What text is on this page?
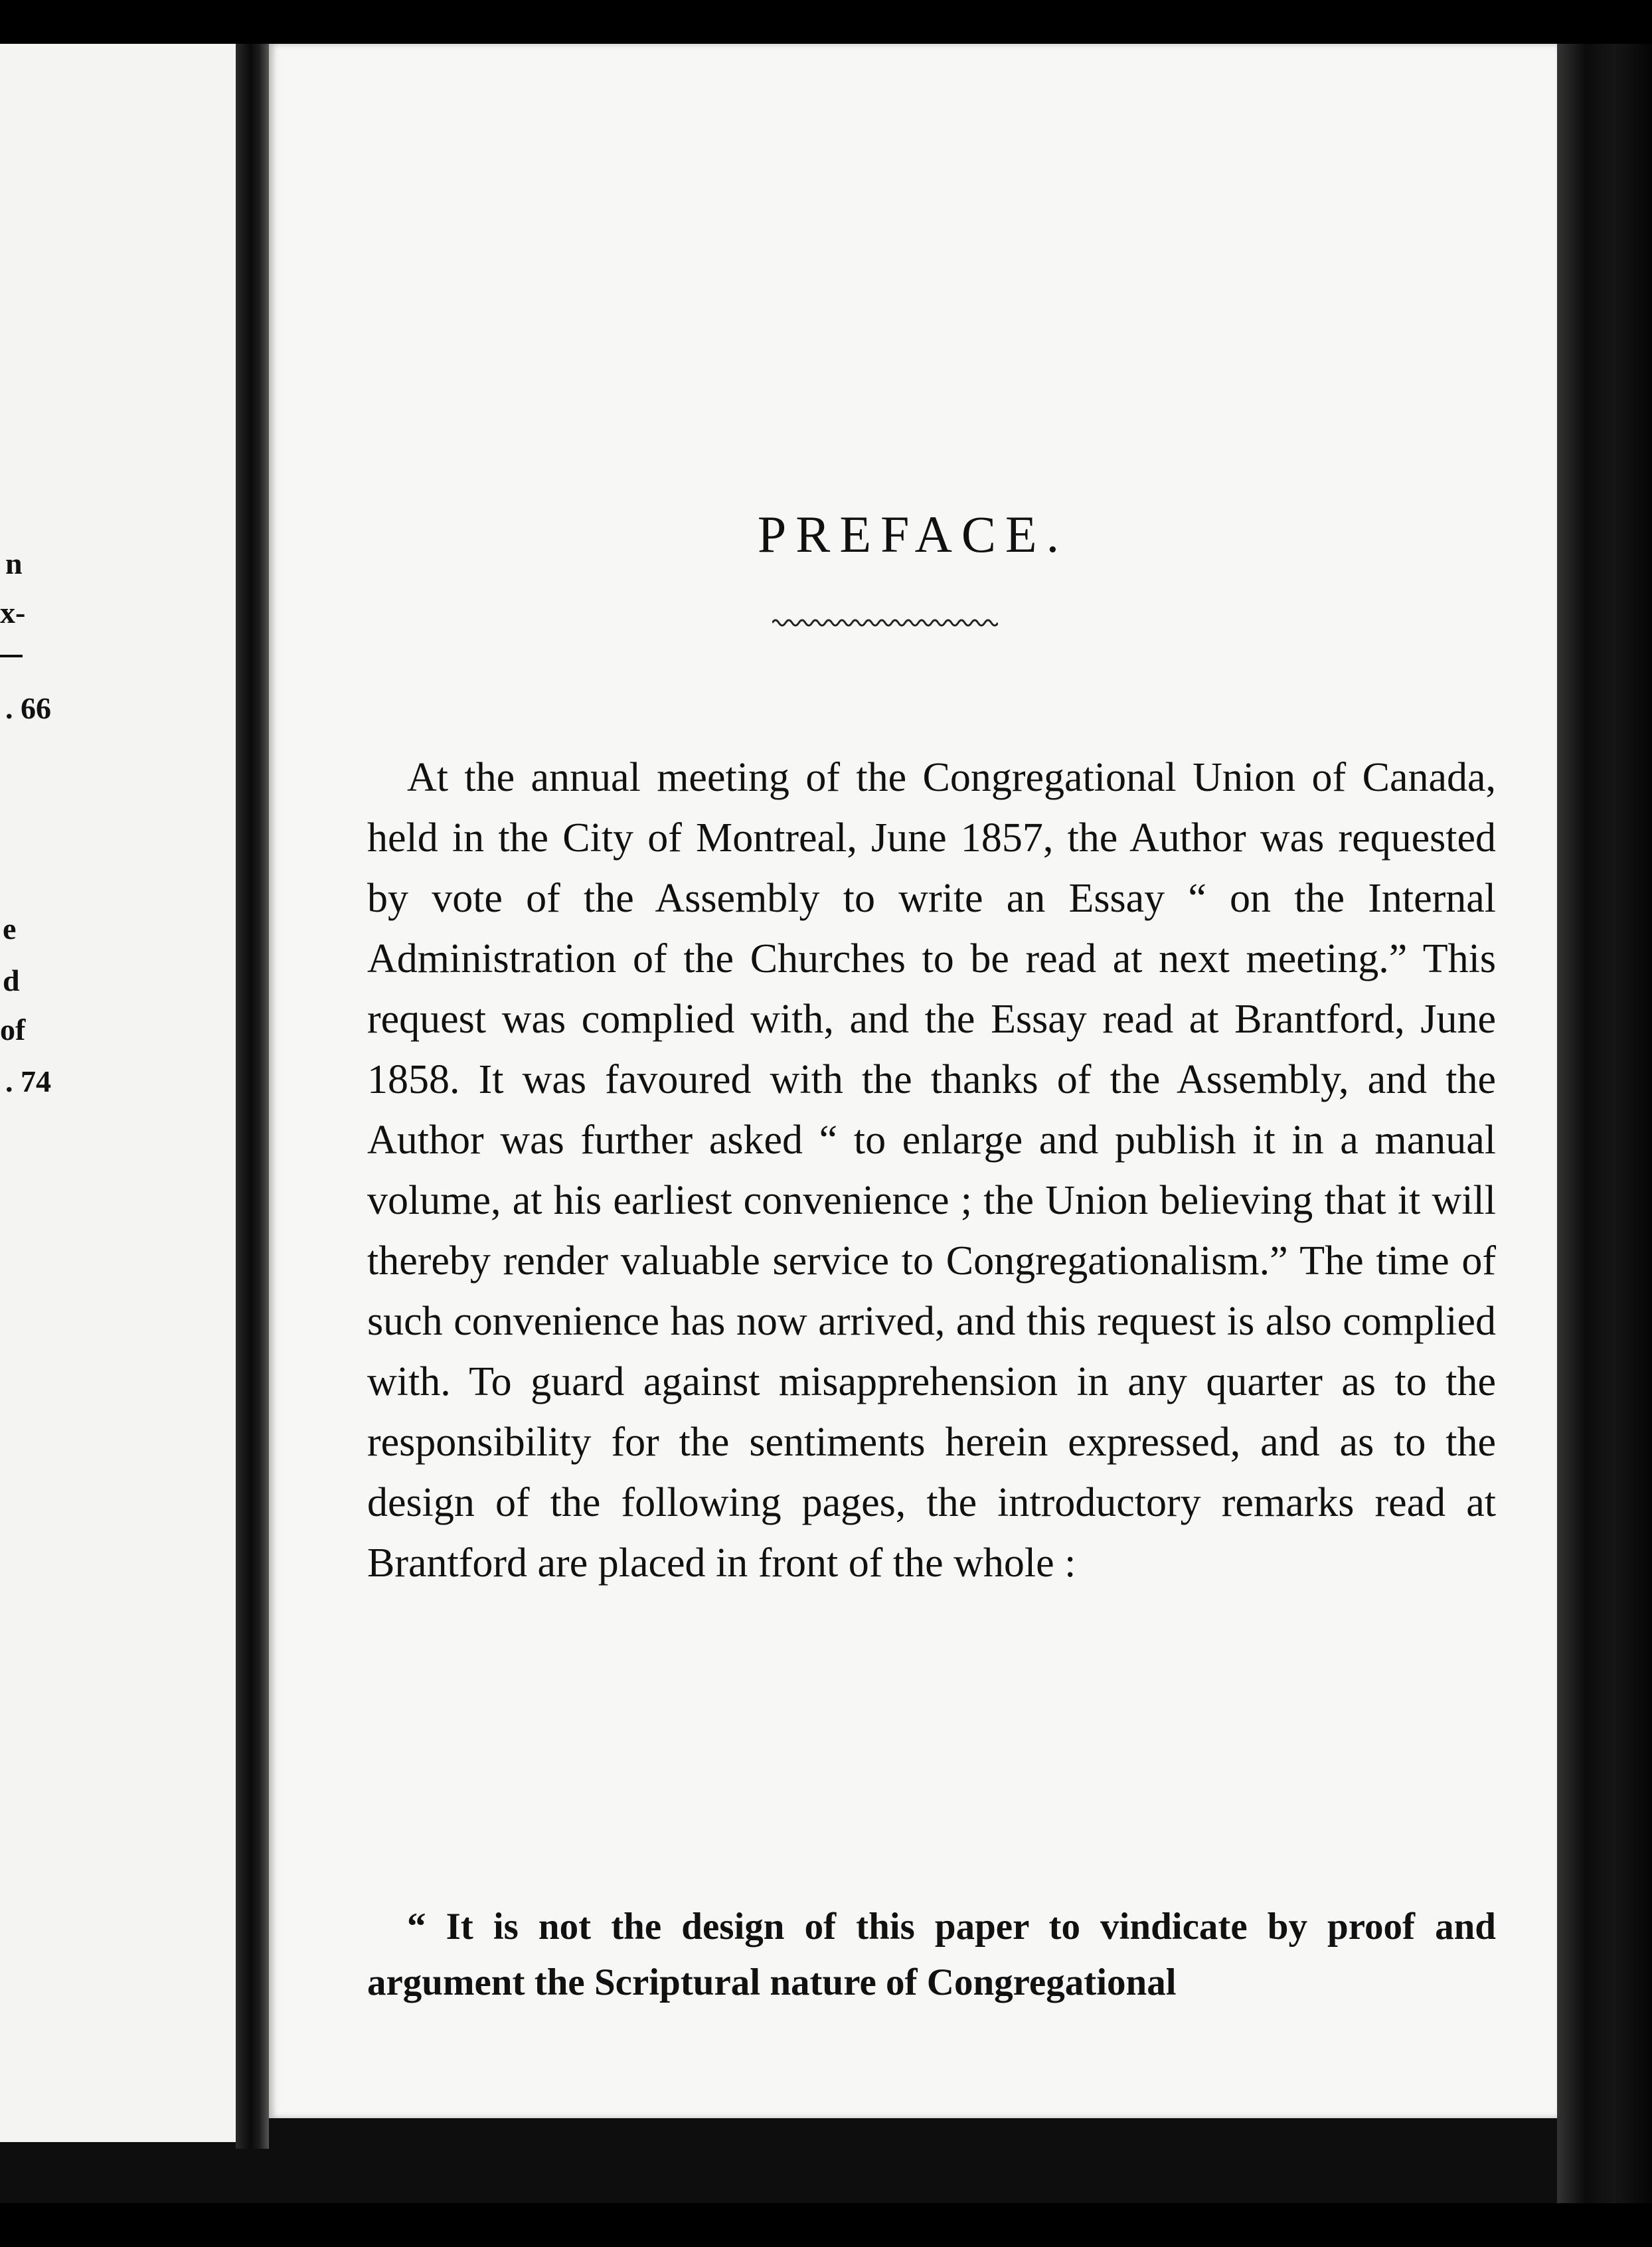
n
x-
. 66
e
d
of
. 74
PREFACE.

At the annual meeting of the Congregational Union of Canada, held in the City of Montreal, June 1857, the Author was requested by vote of the Assembly to write an Essay “ on the Internal Administration of the Churches to be read at next meeting.” This request was complied with, and the Essay read at Brantford, June 1858. It was favoured with the thanks of the Assembly, and the Author was further asked “ to enlarge and publish it in a manual volume, at his earliest convenience ; the Union believing that it will thereby render valuable service to Congregationalism.” The time of such convenience has now arrived, and this request is also complied with. To guard against misapprehension in any quarter as to the responsibility for the sentiments herein expressed, and as to the design of the following pages, the introductory remarks read at Brantford are placed in front of the whole :

“ It is not the design of this paper to vindicate by proof and argument the Scriptural nature of Congregational
